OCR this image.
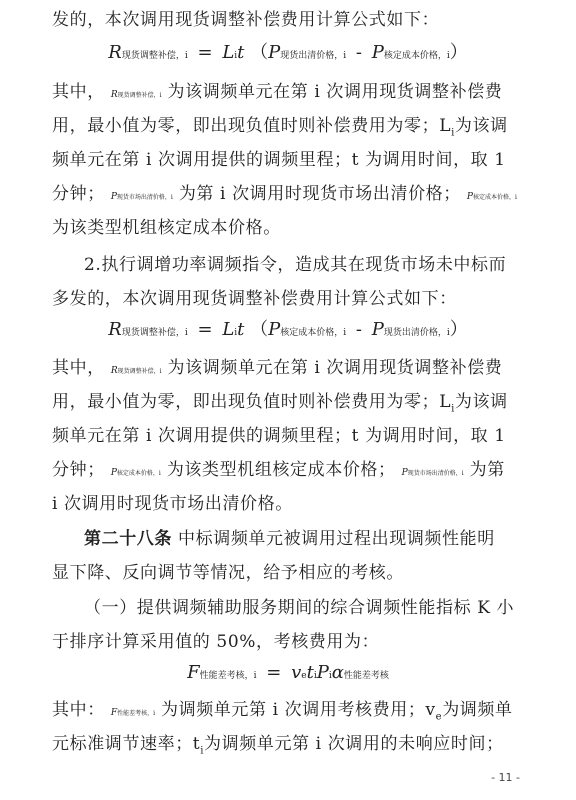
发的，本次调用现货调整补偿费用计算公式如下：
R现货调整补偿，i = Lit （P现货出清价格，i - P核定成本价格，i）
其中， R现货调整补偿，i 为该调频单元在第 i 次调用现货调整补偿费
用，最小值为零，即出现负值时则补偿费用为零；$L_i$为该调
频单元在第 i 次调用提供的调频里程；t 为调用时间，取 1
分钟； P现货市场出清价格，i 为第 i 次调用时现货市场出清价格； P核定成本价格，i
为该类型机组核定成本价格。
2.执行调增功率调频指令，造成其在现货市场未中标而
多发的，本次调用现货调整补偿费用计算公式如下：
R现货调整补偿，i = Lit （P核定成本价格，i - P现货出清价格，i）
其中， R现货调整补偿，i 为该调频单元在第 i 次调用现货调整补偿费
用，最小值为零，即出现负值时则补偿费用为零；$L_i$为该调
频单元在第 i 次调用提供的调频里程；t 为调用时间，取 1
分钟； P核定成本价格，i 为该类型机组核定成本价格； P现货市场出清价格，i 为第
i 次调用时现货市场出清价格。
第二十八条 中标调频单元被调用过程出现调频性能明
显下降、反向调节等情况，给予相应的考核。
（一）提供调频辅助服务期间的综合调频性能指标 K 小
于排序计算采用值的 50%，考核费用为：
F性能差考核，i = vetiPiα性能差考核
其中： F性能差考核，i 为调频单元第 i 次调用考核费用；$v_e$为调频单
元标准调节速率；$t_i$为调频单元第 i 次调用的未响应时间；
- 11 -
